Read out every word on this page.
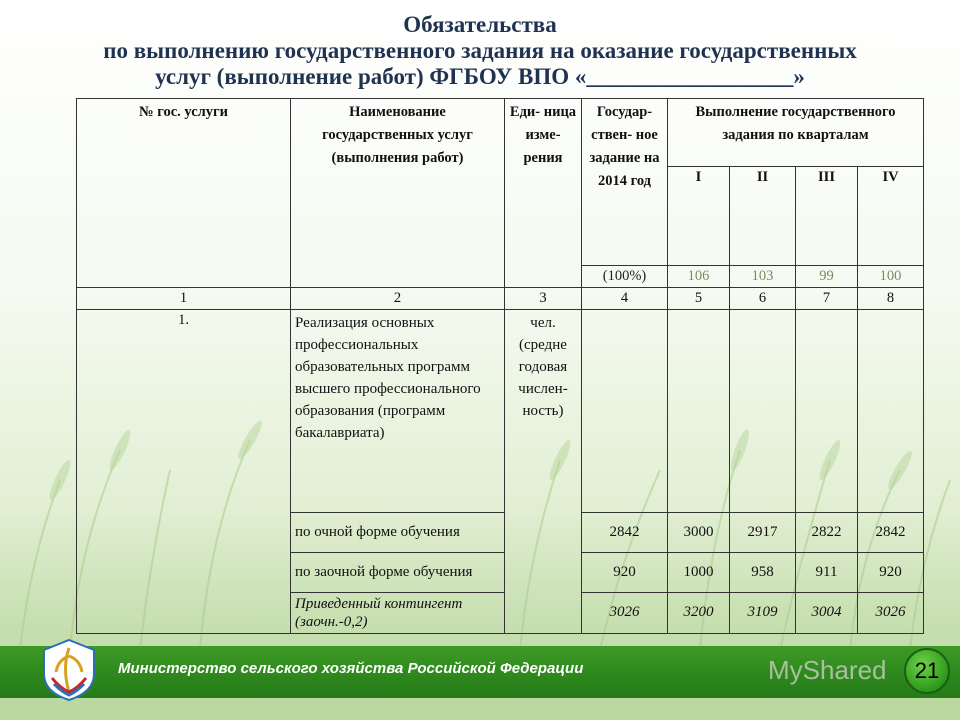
Обязательства
по выполнению государственного задания на оказание государственных
услуг (выполнение работ) ФГБОУ ВПО «__________________»
№ гос. услуги	Наименование государственных услуг (выполнения работ)	Еди- ница изме- рения	Государ- ствен- ное задание на 2014 год	Выполнение государственного задания по кварталам			
				I	II	III	IV
			(100%)	106	103	99	100
1	2	3	4	5	6	7	8
1.	Реализация основных профессиональных образовательных программ высшего профессионального образования (программ бакалавриата)	чел. (средне годовая числен- ность)					
	по очной форме обучения		2842	3000	2917	2822	2842
	по заочной форме обучения		920	1000	958	911	920
	Приведенный контингент (заочн.-0,2)		3026	3200	3109	3004	3026
Министерство сельского хозяйства Российской Федерации	MyShared	21
